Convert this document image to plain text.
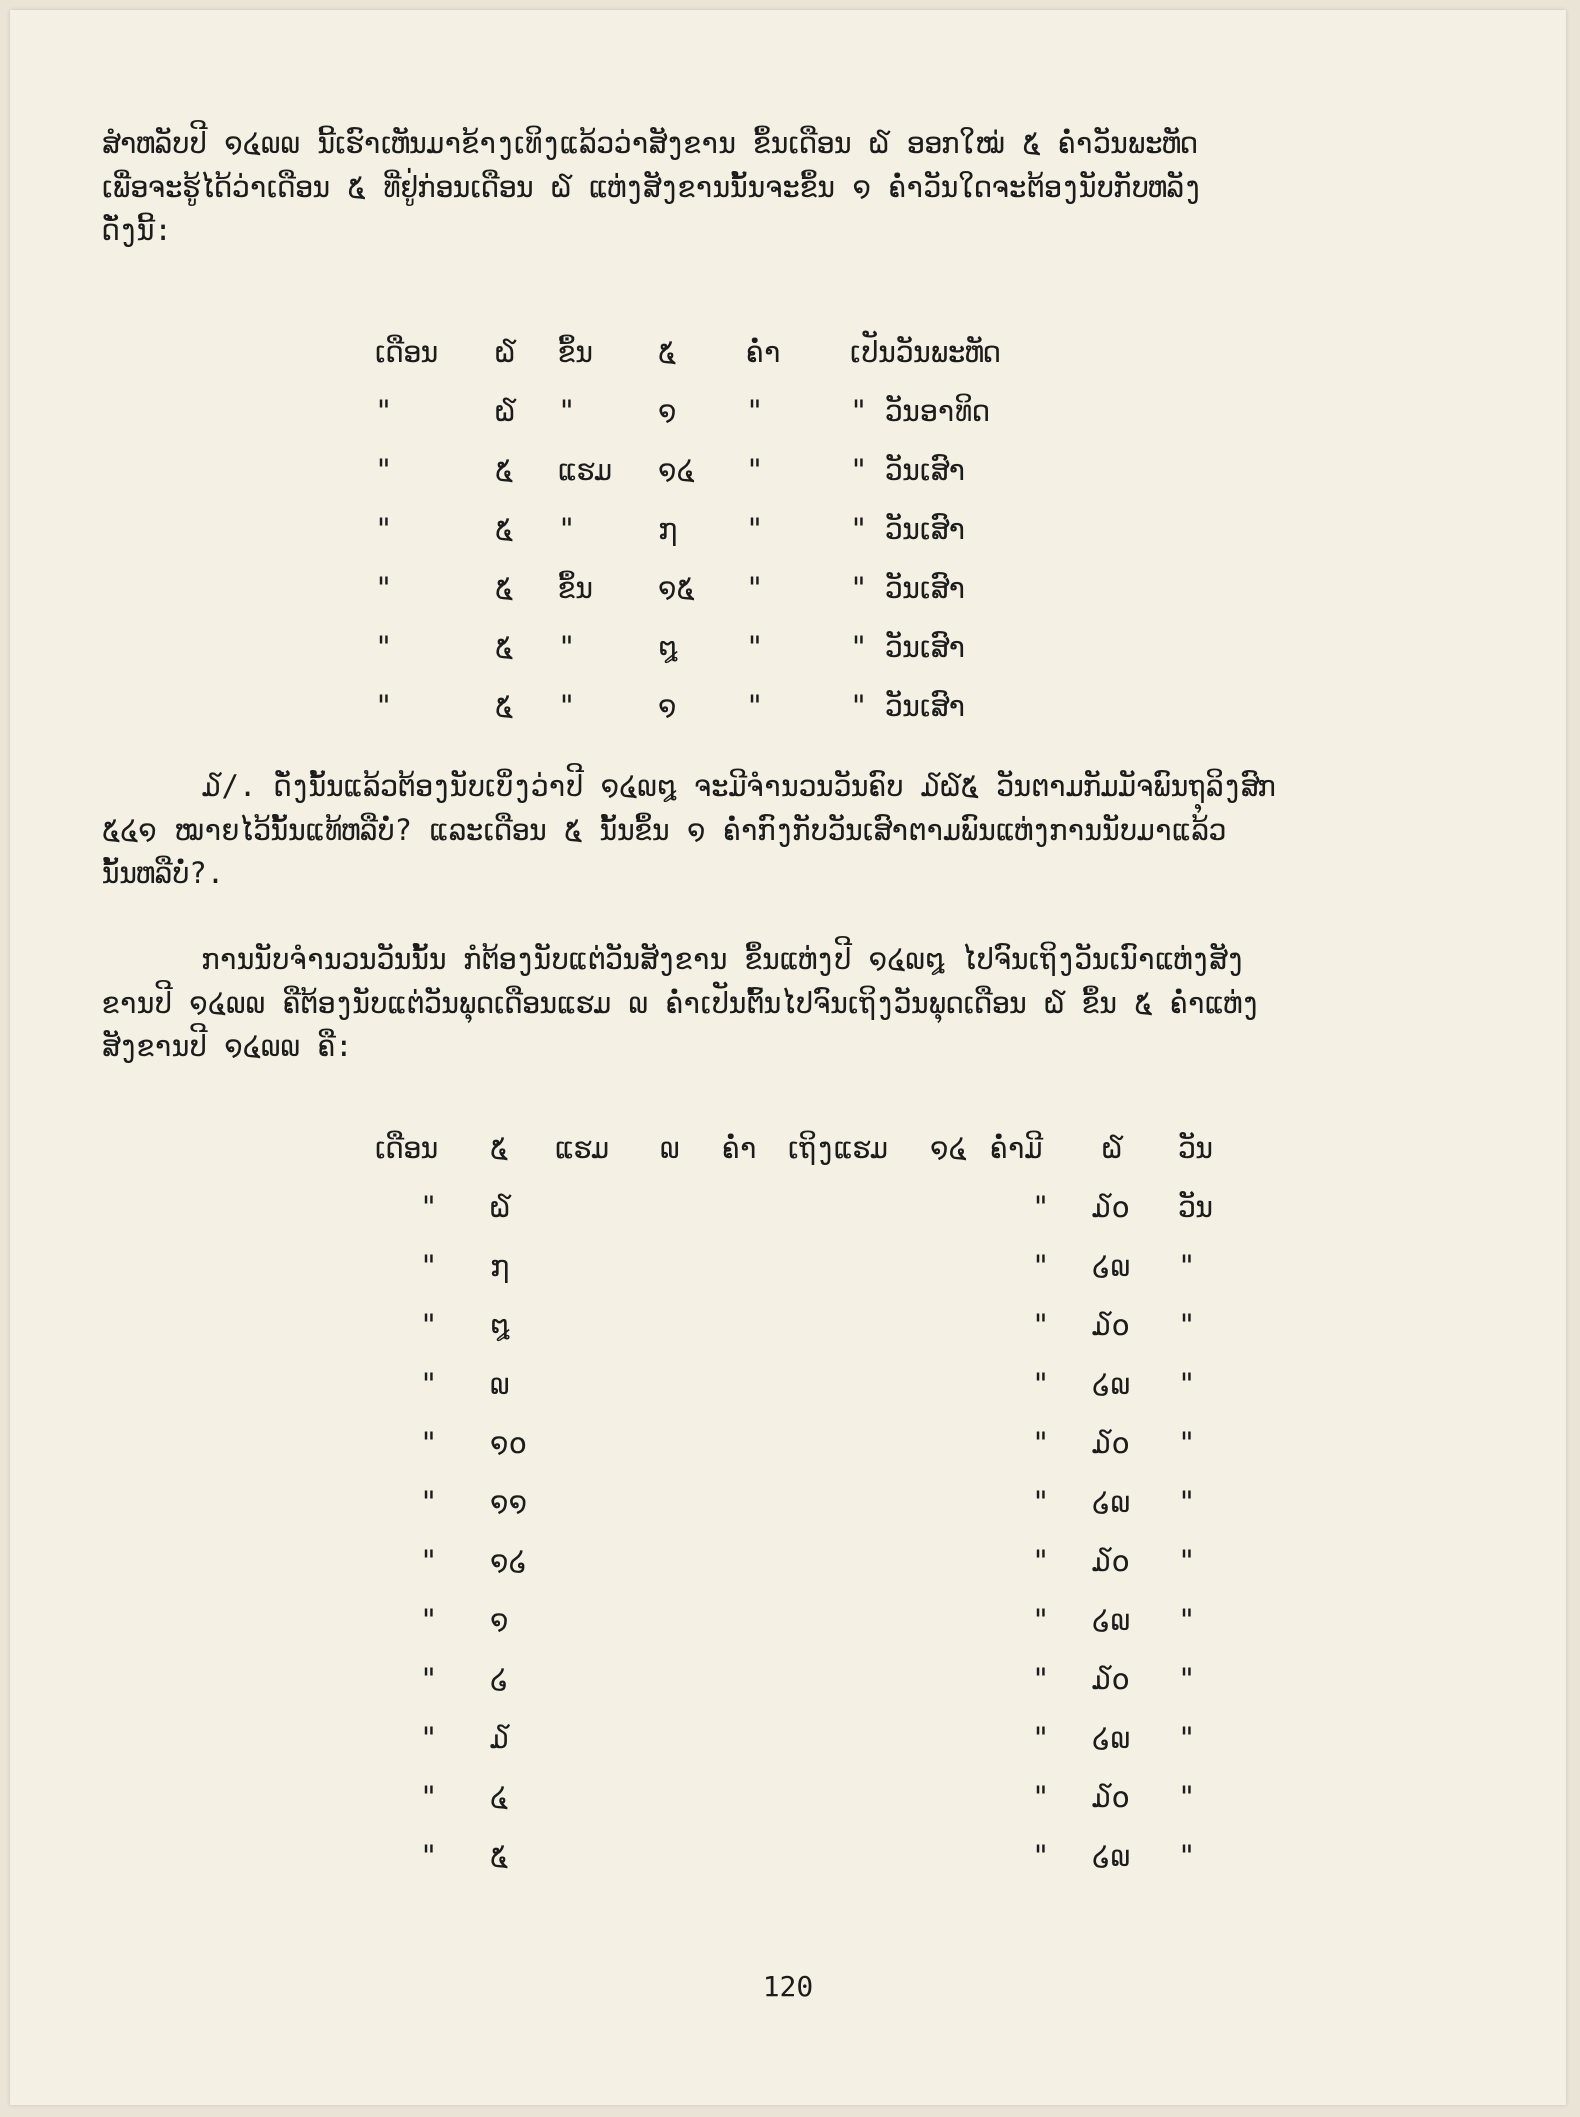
ສຳຫລັບປີ ໑໔໙໙ ນີ້ເຮົາເຫັນມາຂ້າງເທິງແລ້ວວ່າສັງຂານ ຂຶ້ນເດືອນ ໖ ອອກໃໝ່ ໕ ຄ່ຳວັນພະຫັດ

ເພື່ອຈະຮູ້ໄດ້ວ່າເດືອນ ໕ ທີ່ຢູ່ກ່ອນເດືອນ ໖ ແຫ່ງສັງຂານນັ້ນຈະຂຶ້ນ ໑ ຄ່ຳວັນໃດຈະຕ້ອງນັບກັບຫລັງ

ດັ່ງນີ້:

ເດືອນ ໖ ຂຶ້ນ ໕ ຄ່ຳ ເປັນວັນພະຫັດ
"	໖ "	໑ "	" ວັນອາທິດ
"	໕ ແຮມ ໑໔ "	" ວັນເສົາ
"	໕ "	໗ "	" ວັນເສົາ
"	໕ ຂຶ້ນ ໑໕ "	" ວັນເສົາ
"	໕ "	໘ "	" ວັນເສົາ
"	໕ "	໑ "	" ວັນເສົາ

໓/. ດັ່ງນັ້ນແລ້ວຕ້ອງນັບເບິ່ງວ່າປີ ໑໔໙໘ ຈະມີຈຳນວນວັນຄົບ ໓໖໕ ວັນຕາມກັມມັຈພົນຖຸລິງສົກ

໕໔໑ ໝາຍໄວ້ນັ້ນແທ້ຫລືບໍ່? ແລະເດືອນ ໕ ນັ້ນຂຶ້ນ ໑ ຄ່ຳກົງກັບວັນເສົາຕາມພົນແຫ່ງການນັບມາແລ້ວ

ນັ້ນຫລືບໍ່?.

ການນັບຈຳນວນວັນນັ້ນ ກໍຕ້ອງນັບແຕ່ວັນສັງຂານ ຂຶ້ນແຫ່ງປີ ໑໔໙໘ ໄປຈົນເຖິງວັນເນົາແຫ່ງສັງ

ຂານປີ ໑໔໙໙ ຄືຕ້ອງນັບແຕ່ວັນພຸດເດືອນແຮມ ໙ ຄ່ຳເປັນຕົ້ນໄປຈົນເຖິງວັນພຸດເດືອນ ໖ ຂຶ້ນ ໕ ຄ່ຳແຫ່ງ

ສັງຂານປີ ໑໔໙໙ ຄື:

ເດືອນ ໕ ແຮມ ໙ ຄ່ຳ ເຖິງແຮມ ໑໔ ຄ່ຳມີ ໖ ວັນ
" ໖	" ໓໐ ວັນ
" ໗	" ໒໙ "
" ໘	" ໓໐ "
" ໙	" ໒໙ "
" ໑໐	" ໓໐ "
" ໑໑	" ໒໙ "
" ໑໒	" ໓໐ "
" ໑	" ໒໙ "
" ໒	" ໓໐ "
" ໓	" ໒໙ "
" ໔	" ໓໐ "
" ໕	" ໒໙ "
120
